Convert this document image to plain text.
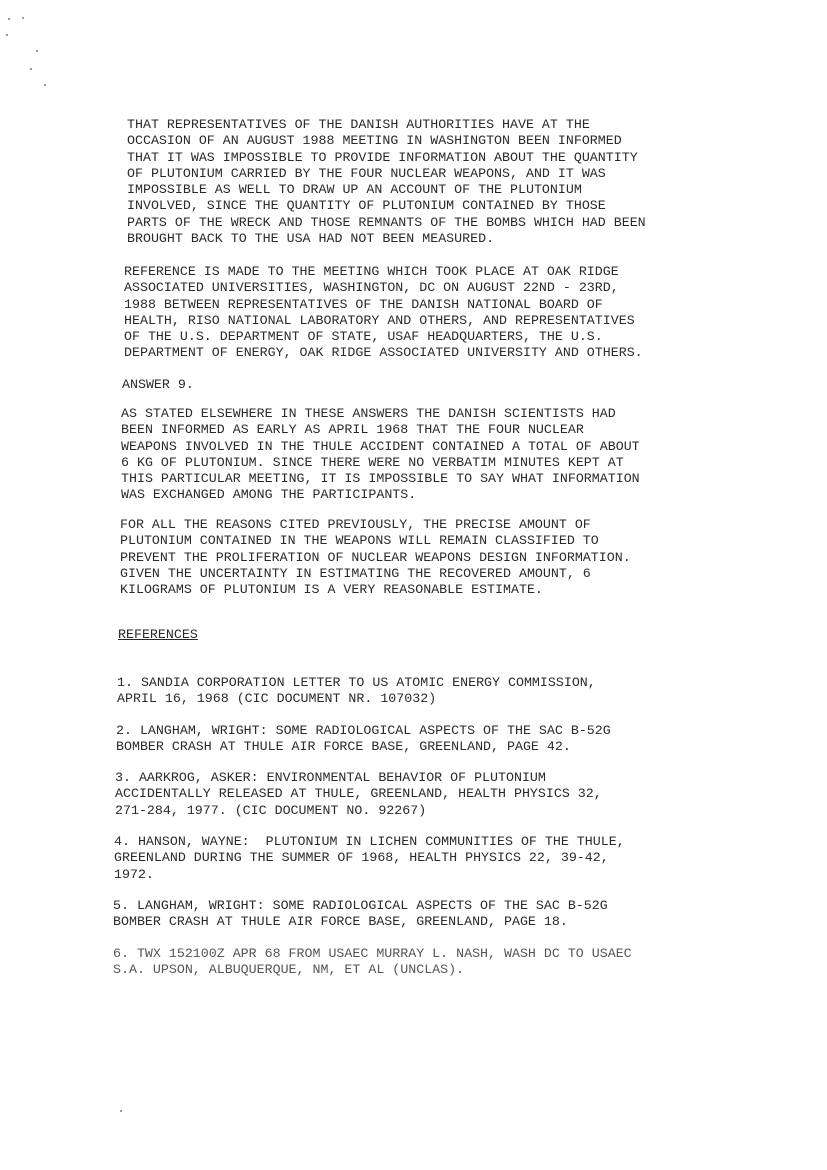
THAT REPRESENTATIVES OF THE DANISH AUTHORITIES HAVE AT THE
OCCASION OF AN AUGUST 1988 MEETING IN WASHINGTON BEEN INFORMED
THAT IT WAS IMPOSSIBLE TO PROVIDE INFORMATION ABOUT THE QUANTITY
OF PLUTONIUM CARRIED BY THE FOUR NUCLEAR WEAPONS, AND IT WAS
IMPOSSIBLE AS WELL TO DRAW UP AN ACCOUNT OF THE PLUTONIUM
INVOLVED, SINCE THE QUANTITY OF PLUTONIUM CONTAINED BY THOSE
PARTS OF THE WRECK AND THOSE REMNANTS OF THE BOMBS WHICH HAD BEEN
BROUGHT BACK TO THE USA HAD NOT BEEN MEASURED.

REFERENCE IS MADE TO THE MEETING WHICH TOOK PLACE AT OAK RIDGE
ASSOCIATED UNIVERSITIES, WASHINGTON, DC ON AUGUST 22ND - 23RD,
1988 BETWEEN REPRESENTATIVES OF THE DANISH NATIONAL BOARD OF
HEALTH, RISO NATIONAL LABORATORY AND OTHERS, AND REPRESENTATIVES
OF THE U.S. DEPARTMENT OF STATE, USAF HEADQUARTERS, THE U.S.
DEPARTMENT OF ENERGY, OAK RIDGE ASSOCIATED UNIVERSITY AND OTHERS.

ANSWER 9.

AS STATED ELSEWHERE IN THESE ANSWERS THE DANISH SCIENTISTS HAD
BEEN INFORMED AS EARLY AS APRIL 1968 THAT THE FOUR NUCLEAR
WEAPONS INVOLVED IN THE THULE ACCIDENT CONTAINED A TOTAL OF ABOUT
6 KG OF PLUTONIUM. SINCE THERE WERE NO VERBATIM MINUTES KEPT AT
THIS PARTICULAR MEETING, IT IS IMPOSSIBLE TO SAY WHAT INFORMATION
WAS EXCHANGED AMONG THE PARTICIPANTS.

FOR ALL THE REASONS CITED PREVIOUSLY, THE PRECISE AMOUNT OF
PLUTONIUM CONTAINED IN THE WEAPONS WILL REMAIN CLASSIFIED TO
PREVENT THE PROLIFERATION OF NUCLEAR WEAPONS DESIGN INFORMATION.
GIVEN THE UNCERTAINTY IN ESTIMATING THE RECOVERED AMOUNT, 6
KILOGRAMS OF PLUTONIUM IS A VERY REASONABLE ESTIMATE.

REFERENCES

1. SANDIA CORPORATION LETTER TO US ATOMIC ENERGY COMMISSION,
APRIL 16, 1968 (CIC DOCUMENT NR. 107032)

2. LANGHAM, WRIGHT: SOME RADIOLOGICAL ASPECTS OF THE SAC B-52G
BOMBER CRASH AT THULE AIR FORCE BASE, GREENLAND, PAGE 42.

3. AARKROG, ASKER: ENVIRONMENTAL BEHAVIOR OF PLUTONIUM
ACCIDENTALLY RELEASED AT THULE, GREENLAND, HEALTH PHYSICS 32,
271-284, 1977. (CIC DOCUMENT NO. 92267)

4. HANSON, WAYNE:  PLUTONIUM IN LICHEN COMMUNITIES OF THE THULE,
GREENLAND DURING THE SUMMER OF 1968, HEALTH PHYSICS 22, 39-42,
1972.

5. LANGHAM, WRIGHT: SOME RADIOLOGICAL ASPECTS OF THE SAC B-52G
BOMBER CRASH AT THULE AIR FORCE BASE, GREENLAND, PAGE 18.

6. TWX 152100Z APR 68 FROM USAEC MURRAY L. NASH, WASH DC TO USAEC
S.A. UPSON, ALBUQUERQUE, NM, ET AL (UNCLAS).
